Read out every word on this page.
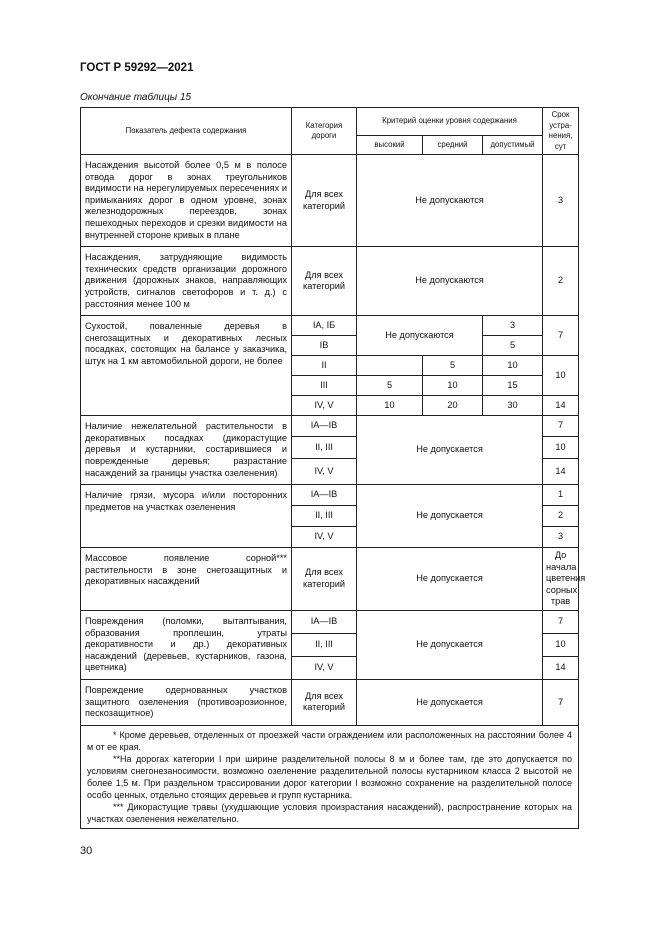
ГОСТ Р 59292—2021
Окончание таблицы 15
Показатель дефекта содержания	Категория дороги	Критерий оценки уровня содержания			Срок устра-нения, сут
		высокий	средний	допустимый	
Насаждения высотой более 0,5 м в полосе отвода дорог в зонах треугольников видимости на нерегулируемых пересечениях и примыканиях дорог в одном уровне, зонах железнодорожных переездов, зонах пешеходных переходов и срезки видимости на внутренней стороне кривых в плане	Для всех категорий	Не допускаются			3
Насаждения, затрудняющие видимость технических средств организации дорожного движения (дорожных знаков, направляющих устройств, сигналов светофоров и т. д.) с расстояния менее 100 м	Для всех категорий	Не допускаются			2
Сухостой, поваленные деревья в снегозащитных и декоративных лесных посадках, состоящих на балансе у заказчика, штук на 1 км автомобильной дороги, не более	IA, IБ	Не допускаются		3	7
	IB			5	
	II		5	10	10
	III	5	10	15	
	IV, V	10	20	30	14
Наличие нежелательной растительности в декоративных посадках (дикорастущие деревья и кустарники, состарившиеся и поврежденные деревья; разрастание насаждений за границы участка озеленения)	IA—IB	Не допускается			7
	II, III				10
	IV, V				14
Наличие грязи, мусора и/или посторонних предметов на участках озеленения	IA—IB	Не допускается			1
	II, III				2
	IV, V				3
Массовое появление сорной*** растительности в зоне снегозащитных и декоративных насаждений	Для всех категорий	Не допускается			До начала цветения сорных трав
Повреждения (поломки, вытаптывания, образования проплешин, утраты декоративности и др.) декоративных насаждений (деревьев, кустарников, газона, цветника)	IA—IB	Не допускается			7
	II, III				10
	IV, V				14
Повреждение одернованных участков защитного озеленения (противоэрозионное, пескозащитное)	Для всех категорий	Не допускается			7

* Кроме деревьев, отделенных от проезжей части ограждением или расположенных на расстоянии более 4 м от ее края.

**На дорогах категории I при ширине разделительной полосы 8 м и более там, где это допускается по условиям снегонезаносимости, возможно озеленение разделительной полосы кустарником класса 2 высотой не более 1,5 м. При раздельном трассировании дорог категории I возможно сохранение на разделительной полосе особо ценных, отдельно стоящих деревьев и групп кустарника.

*** Дикорастущие травы (ухудшающие условия произрастания насаждений), распространение которых на участках озеленения нежелательно.					

30
